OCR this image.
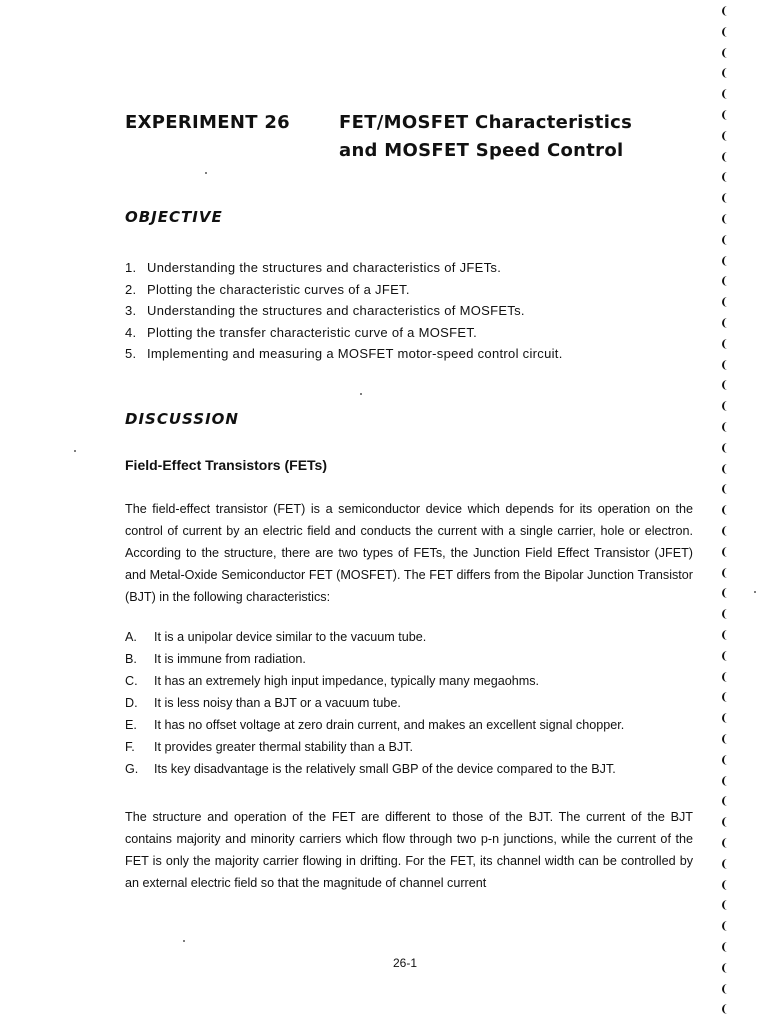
EXPERIMENT 26	FET/MOSFET Characteristics
and MOSFET Speed Control
OBJECTIVE
1. Understanding the structures and characteristics of JFETs.
2. Plotting the characteristic curves of a JFET.
3. Understanding the structures and characteristics of MOSFETs.
4. Plotting the transfer characteristic curve of a MOSFET.
5. Implementing and measuring a MOSFET motor-speed control circuit.
DISCUSSION
Field-Effect Transistors (FETs)

The field-effect transistor (FET) is a semiconductor device which depends for its operation on the control of current by an electric field and conducts the current with a single carrier, hole or electron. According to the structure, there are two types of FETs, the Junction Field Effect Transistor (JFET) and Metal-Oxide Semiconductor FET (MOSFET). The FET differs from the Bipolar Junction Transistor (BJT) in the following characteristics:

A. It is a unipolar device similar to the vacuum tube.
B. It is immune from radiation.
C. It has an extremely high input impedance, typically many megaohms.
D. It is less noisy than a BJT or a vacuum tube.
E. It has no offset voltage at zero drain current, and makes an excellent signal chopper.
F. It provides greater thermal stability than a BJT.
G. Its key disadvantage is the relatively small GBP of the device compared to the BJT.

The structure and operation of the FET are different to those of the BJT. The current of the BJT contains majority and minority carriers which flow through two p-n junctions, while the current of the FET is only the majority carrier flowing in drifting. For the FET, its channel width can be controlled by an external electric field so that the magnitude of channel current

26-1
